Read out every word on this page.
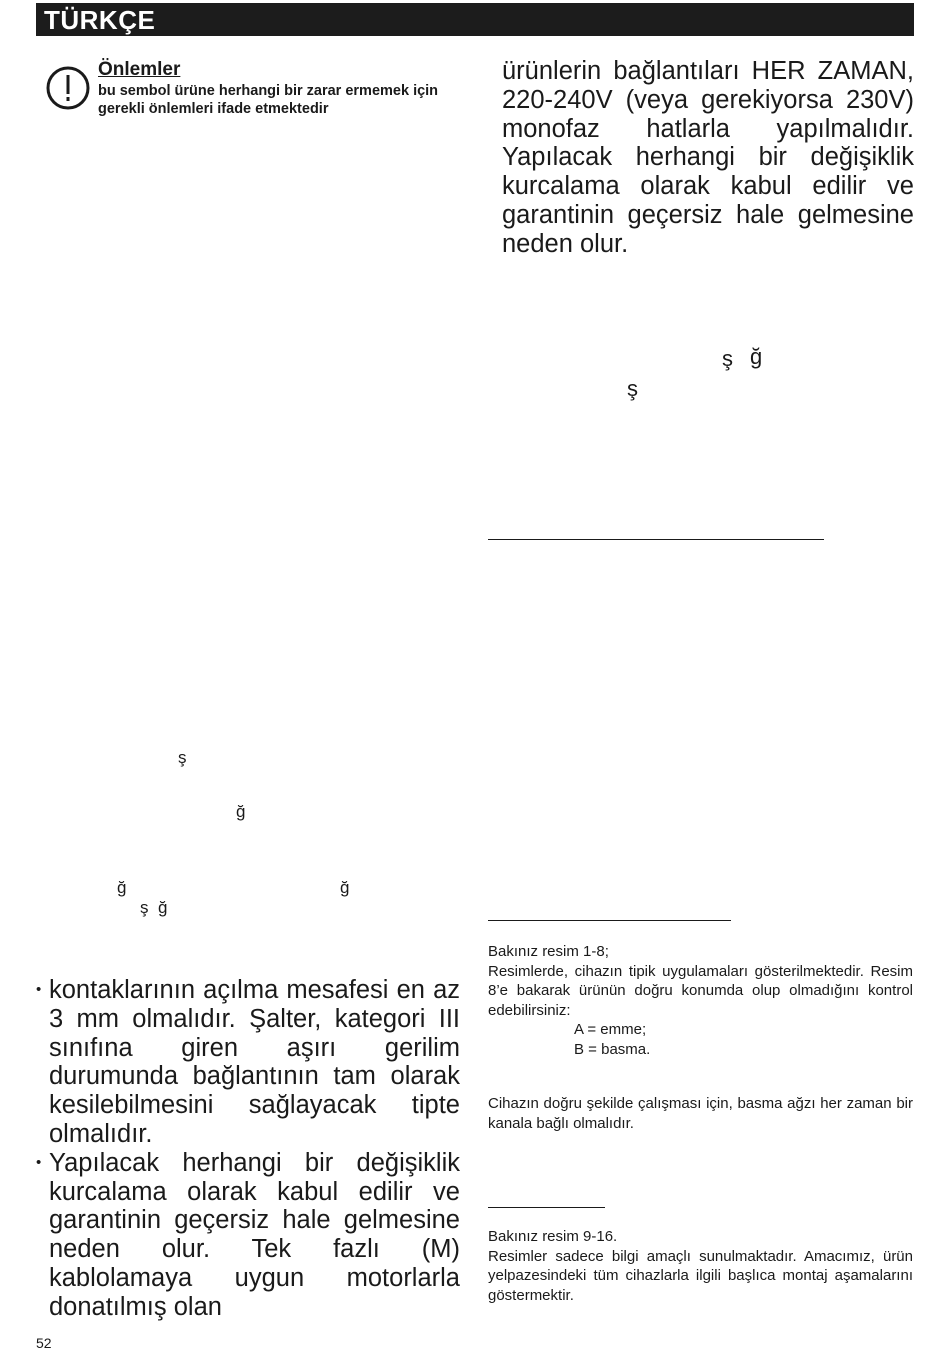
TÜRKÇE
Önlemler
bu sembol ürüne herhangi bir zarar ermemek için gerekli önlemleri ifade etmektedir
ürünlerin bağlantıları HER ZAMAN, 220-240V (veya gerekiyorsa 230V) monofaz hatlarla yapılmalıdır. Yapılacak herhangi bir değişiklik kurcalama olarak kabul edilir ve garantinin geçersiz hale gelmesine neden olur.
ş ğ
ş
ş
ğ
ğ	ğ
ş ğ
• kontaklarının açılma mesafesi en az 3 mm olmalıdır. Şalter, kategori III sınıfına giren aşırı gerilim durumunda bağlantının tam olarak kesilebilmesini sağlayacak tipte olmalıdır.
• Yapılacak herhangi bir değişiklik kurcalama olarak kabul edilir ve garantinin geçersiz hale gelmesine neden olur. Tek fazlı (M) kablolamaya uygun motorlarla donatılmış olan
Bakınız resim 1-8;
Resimlerde, cihazın tipik uygulamaları gösterilmektedir. Resim 8’e bakarak ürünün doğru konumda olup olmadığını kontrol edebilirsiniz:
A = emme;
B = basma.
Cihazın doğru şekilde çalışması için, basma ağzı her zaman bir kanala bağlı olmalıdır.
Bakınız resim 9-16.
Resimler sadece bilgi amaçlı sunulmaktadır. Amacımız, ürün yelpazesindeki tüm cihazlarla ilgili başlıca montaj aşamalarını göstermektir.
52
